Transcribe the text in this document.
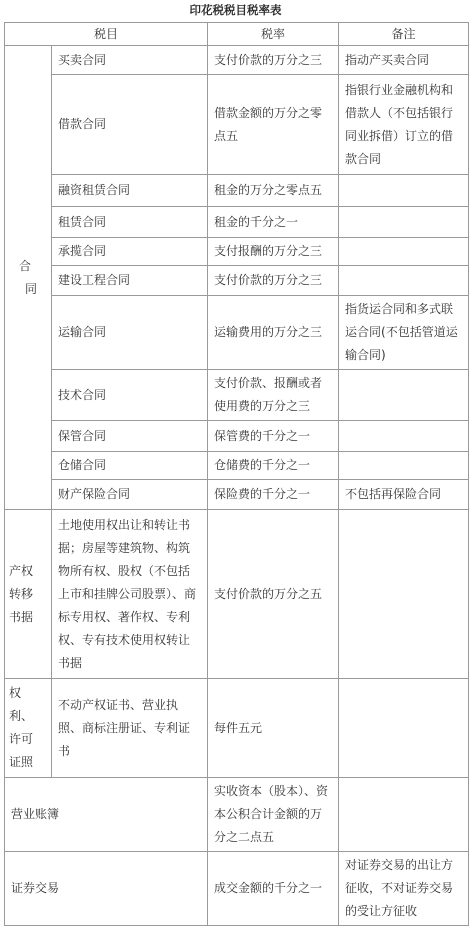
印花税税目税率表
税目		税率	备注

合
同	买卖合同	支付价款的万分之三	指动产买卖合同
	借款合同	借款金额的万分之零点五	指银行业金融机构和借款人（不包括银行同业拆借）订立的借款合同
	融资租赁合同	租金的万分之零点五	
	租赁合同	租金的千分之一	
	承揽合同	支付报酬的万分之三	
	建设工程合同	支付价款的万分之三	
	运输合同	运输费用的万分之三	指货运合同和多式联运合同(不包括管道运输合同)
	技术合同	支付价款、报酬或者使用费的万分之三	
	保管合同	保管费的千分之一	
	仓储合同	仓储费的千分之一	
	财产保险合同	保险费的千分之一	不包括再保险合同

产权
转移
书据	土地使用权出让和转让书据；房屋等建筑物、构筑物所有权、股权（不包括上市和挂牌公司股票）、商标专用权、著作权、专利权、专有技术使用权转让书据	支付价款的万分之五	

权
利、
许可
证照	不动产权证书、营业执照、商标注册证、专利证书	每件五元	
营业账簿		实收资本（股本）、资本公积合计金额的万分之二点五	
证券交易		成交金额的千分之一	对证券交易的出让方征收，不对证券交易的受让方征收
